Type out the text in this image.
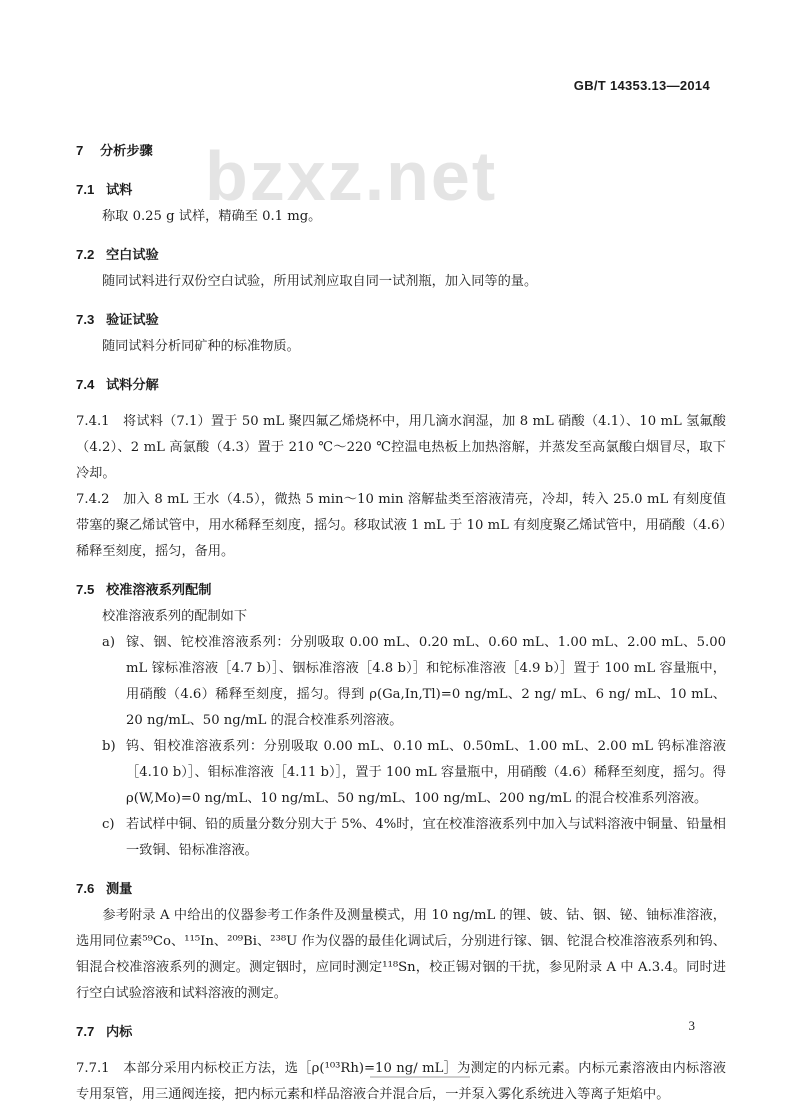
bzxz.net
GB/T 14353.13—2014

7 分析步骤

7.1 试料

称取 0.25 g 试样，精确至 0.1 mg。

7.2 空白试验

随同试料进行双份空白试验，所用试剂应取自同一试剂瓶，加入同等的量。

7.3 验证试验

随同试料分析同矿种的标准物质。

7.4 试料分解

7.4.1　将试料（7.1）置于 50 mL 聚四氟乙烯烧杯中，用几滴水润湿，加 8 mL 硝酸（4.1）、10 mL 氢氟酸（4.2）、2 mL 高氯酸（4.3）置于 210 ℃～220 ℃控温电热板上加热溶解，并蒸发至高氯酸白烟冒尽，取下冷却。

7.4.2　加入 8 mL 王水（4.5），微热 5 min～10 min 溶解盐类至溶液清亮，冷却，转入 25.0 mL 有刻度值带塞的聚乙烯试管中，用水稀释至刻度，摇匀。移取试液 1 mL 于 10 mL 有刻度聚乙烯试管中，用硝酸（4.6）稀释至刻度，摇匀，备用。

7.5 校准溶液系列配制

校准溶液系列的配制如下

a) 镓、铟、铊校准溶液系列：分别吸取 0.00 mL、0.20 mL、0.60 mL、1.00 mL、2.00 mL、5.00 mL 镓标准溶液［4.7 b）］、铟标准溶液［4.8 b）］和铊标准溶液［4.9 b）］置于 100 mL 容量瓶中，用硝酸（4.6）稀释至刻度，摇匀。得到 ρ(Ga,In,Tl)=0 ng/mL、2 ng/ mL、6 ng/ mL、10 mL、20 ng/mL、50 ng/mL 的混合校准系列溶液。

b) 钨、钼校准溶液系列：分别吸取 0.00 mL、0.10 mL、0.50mL、1.00 mL、2.00 mL 钨标准溶液［4.10 b）］、钼标准溶液［4.11 b）］，置于 100 mL 容量瓶中，用硝酸（4.6）稀释至刻度，摇匀。得 ρ(W,Mo)=0 ng/mL、10 ng/mL、50 ng/mL、100 ng/mL、200 ng/mL 的混合校准系列溶液。

c) 若试样中铜、铅的质量分数分别大于 5%、4%时，宜在校准溶液系列中加入与试料溶液中铜量、铅量相一致铜、铅标准溶液。

7.6 测量

参考附录 A 中给出的仪器参考工作条件及测量模式，用 10 ng/mL 的锂、铍、钴、铟、铋、铀标准溶液，选用同位素⁵⁹Co、¹¹⁵In、²⁰⁹Bi、²³⁸U 作为仪器的最佳化调试后，分别进行镓、铟、铊混合校准溶液系列和钨、钼混合校准溶液系列的测定。测定铟时，应同时测定¹¹⁸Sn，校正锡对铟的干扰，参见附录 A 中 A.3.4。同时进行空白试验溶液和试料溶液的测定。

7.7 内标

7.7.1　本部分采用内标校正方法，选［ρ(¹⁰³Rh)=10 ng/ mL］为测定的内标元素。内标元素溶液由内标溶液专用泵管，用三通阀连接，把内标元素和样品溶液合并混合后，一并泵入雾化系统进入等离子矩焰中。

3
